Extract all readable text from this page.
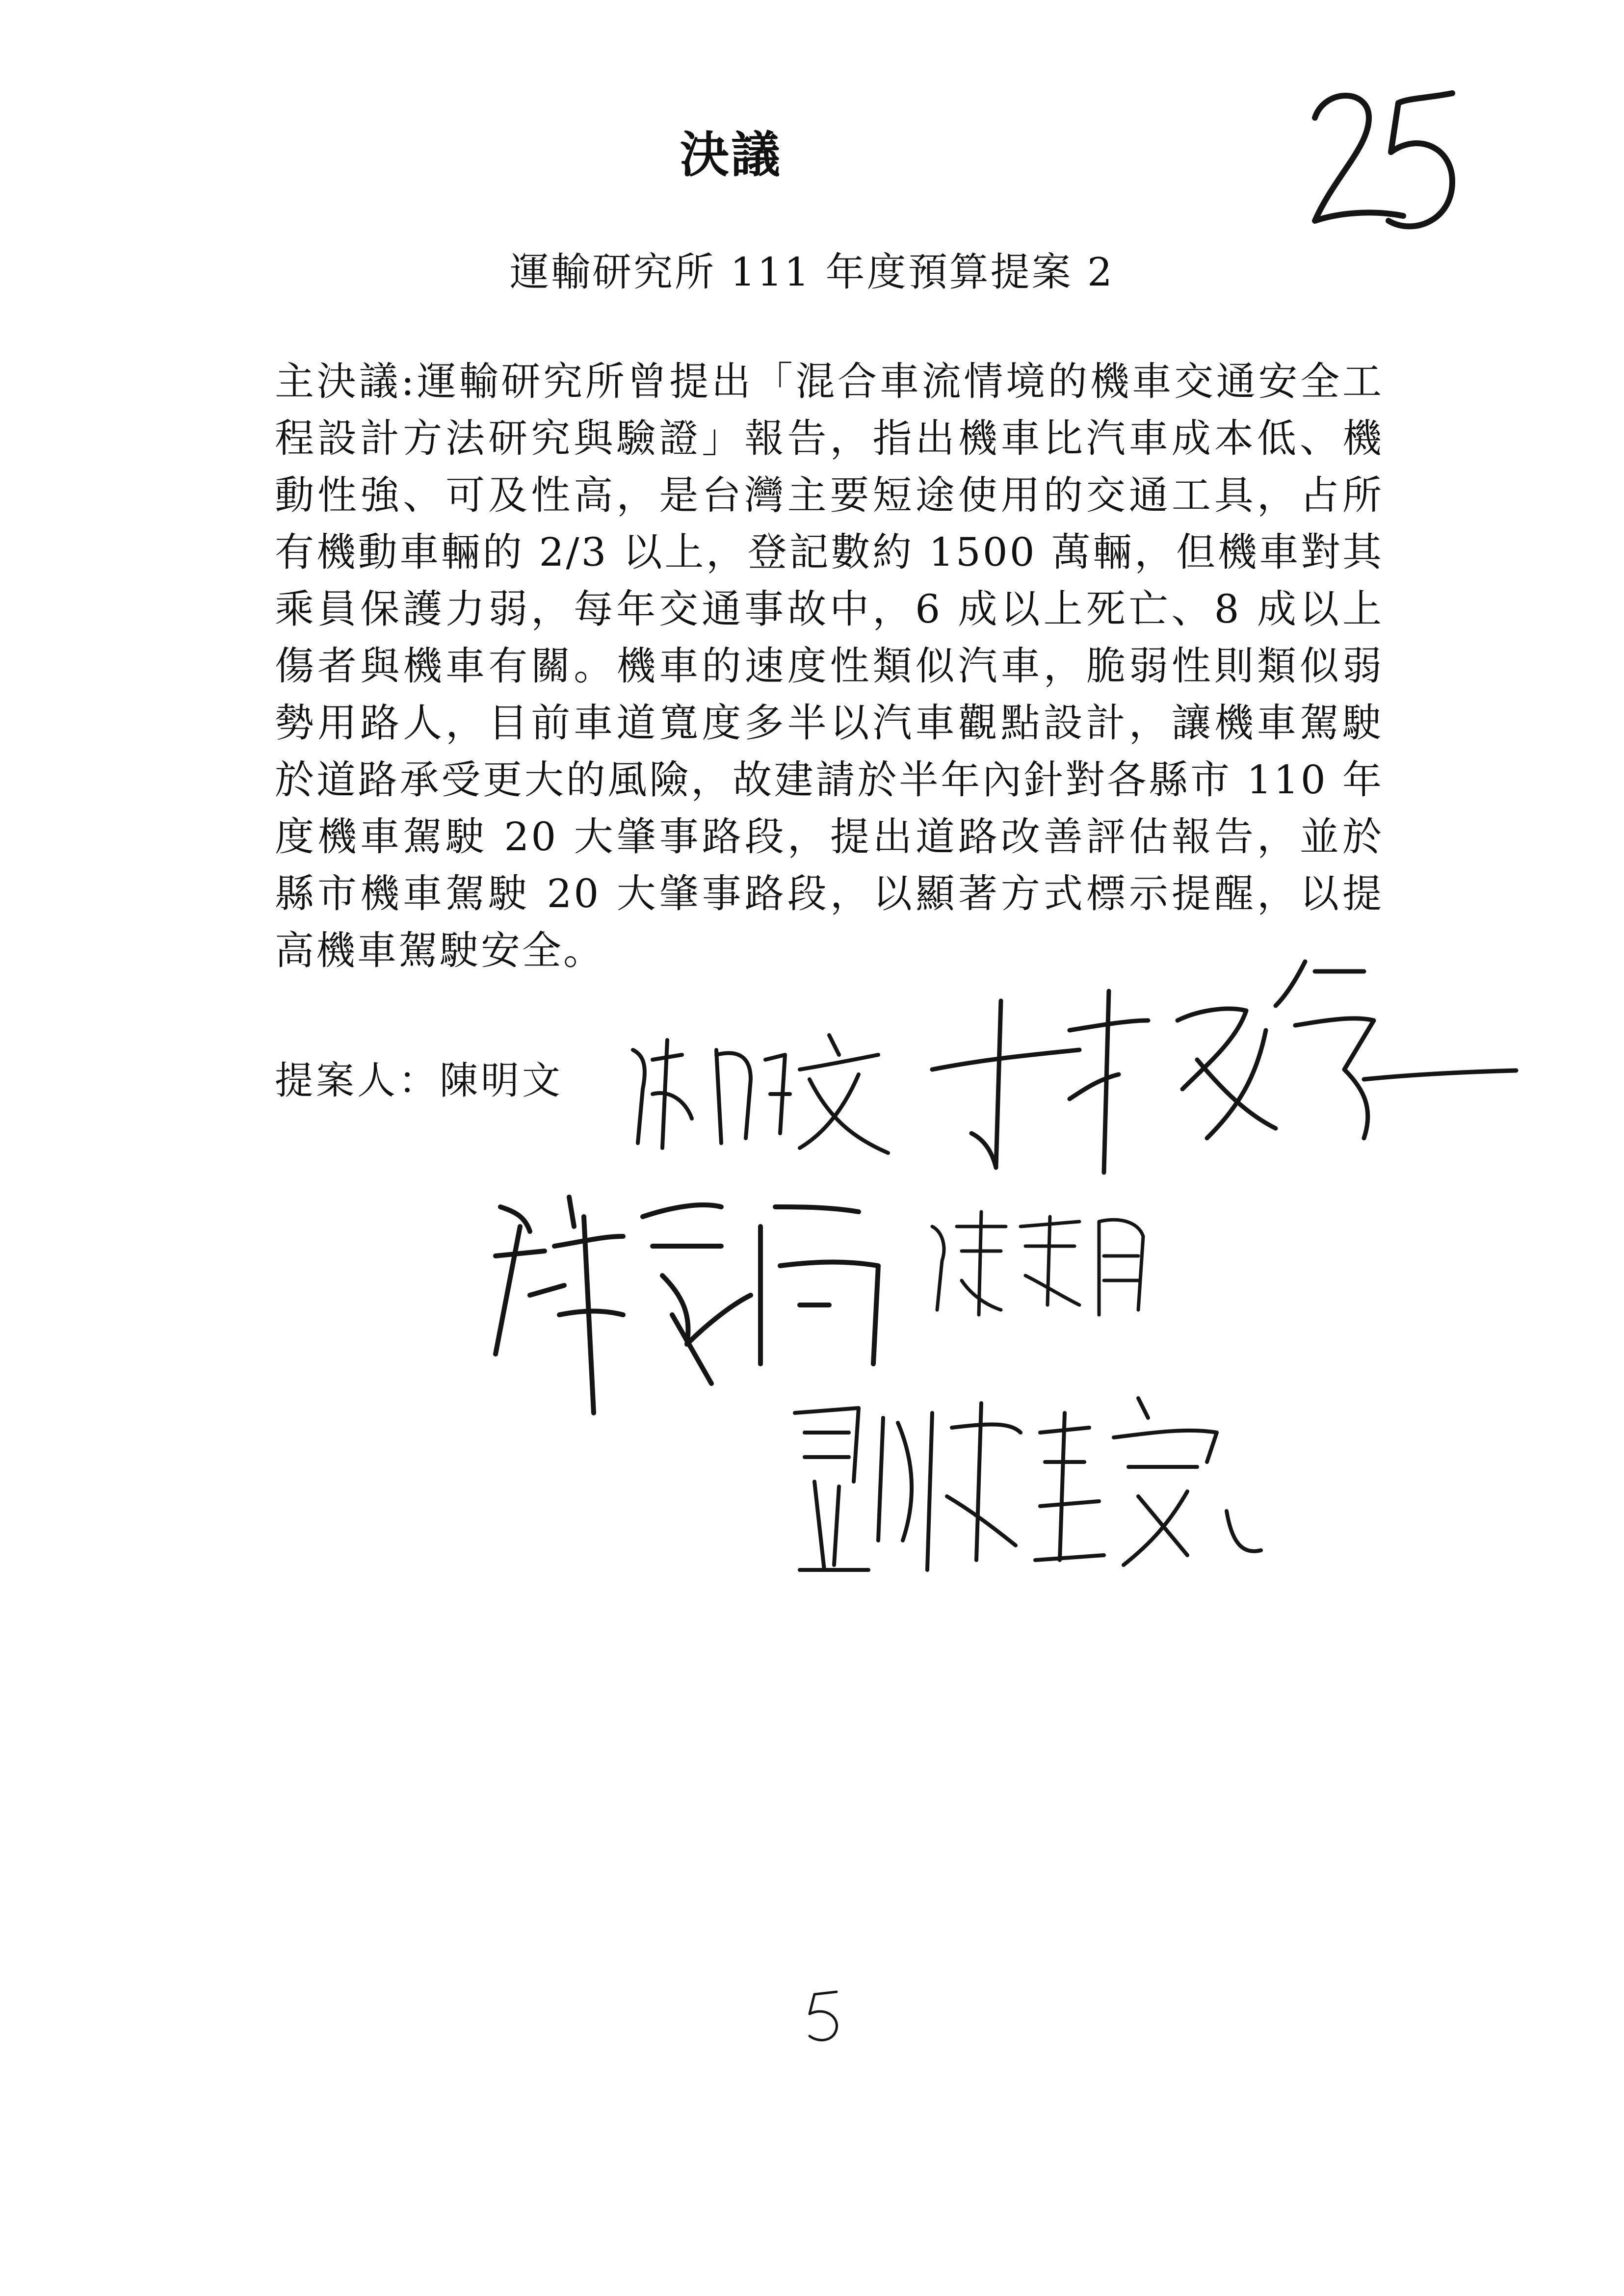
決議
運輸研究所 111 年度預算提案 2
主決議:運輸研究所曾提出「混合車流情境的機車交通安全工程設計方法研究與驗證」報告，指出機車比汽車成本低、機動性強、可及性高，是台灣主要短途使用的交通工具，占所有機動車輛的 2/3 以上，登記數約 1500 萬輛，但機車對其乘員保護力弱，每年交通事故中，6 成以上死亡、8 成以上傷者與機車有關。機車的速度性類似汽車，脆弱性則類似弱勢用路人，目前車道寬度多半以汽車觀點設計，讓機車駕駛於道路承受更大的風險，故建請於半年內針對各縣市 110 年度機車駕駛 20 大肇事路段，提出道路改善評估報告，並於縣市機車駕駛 20 大肇事路段，以顯著方式標示提醒，以提高機車駕駛安全。
提案人：陳明文
